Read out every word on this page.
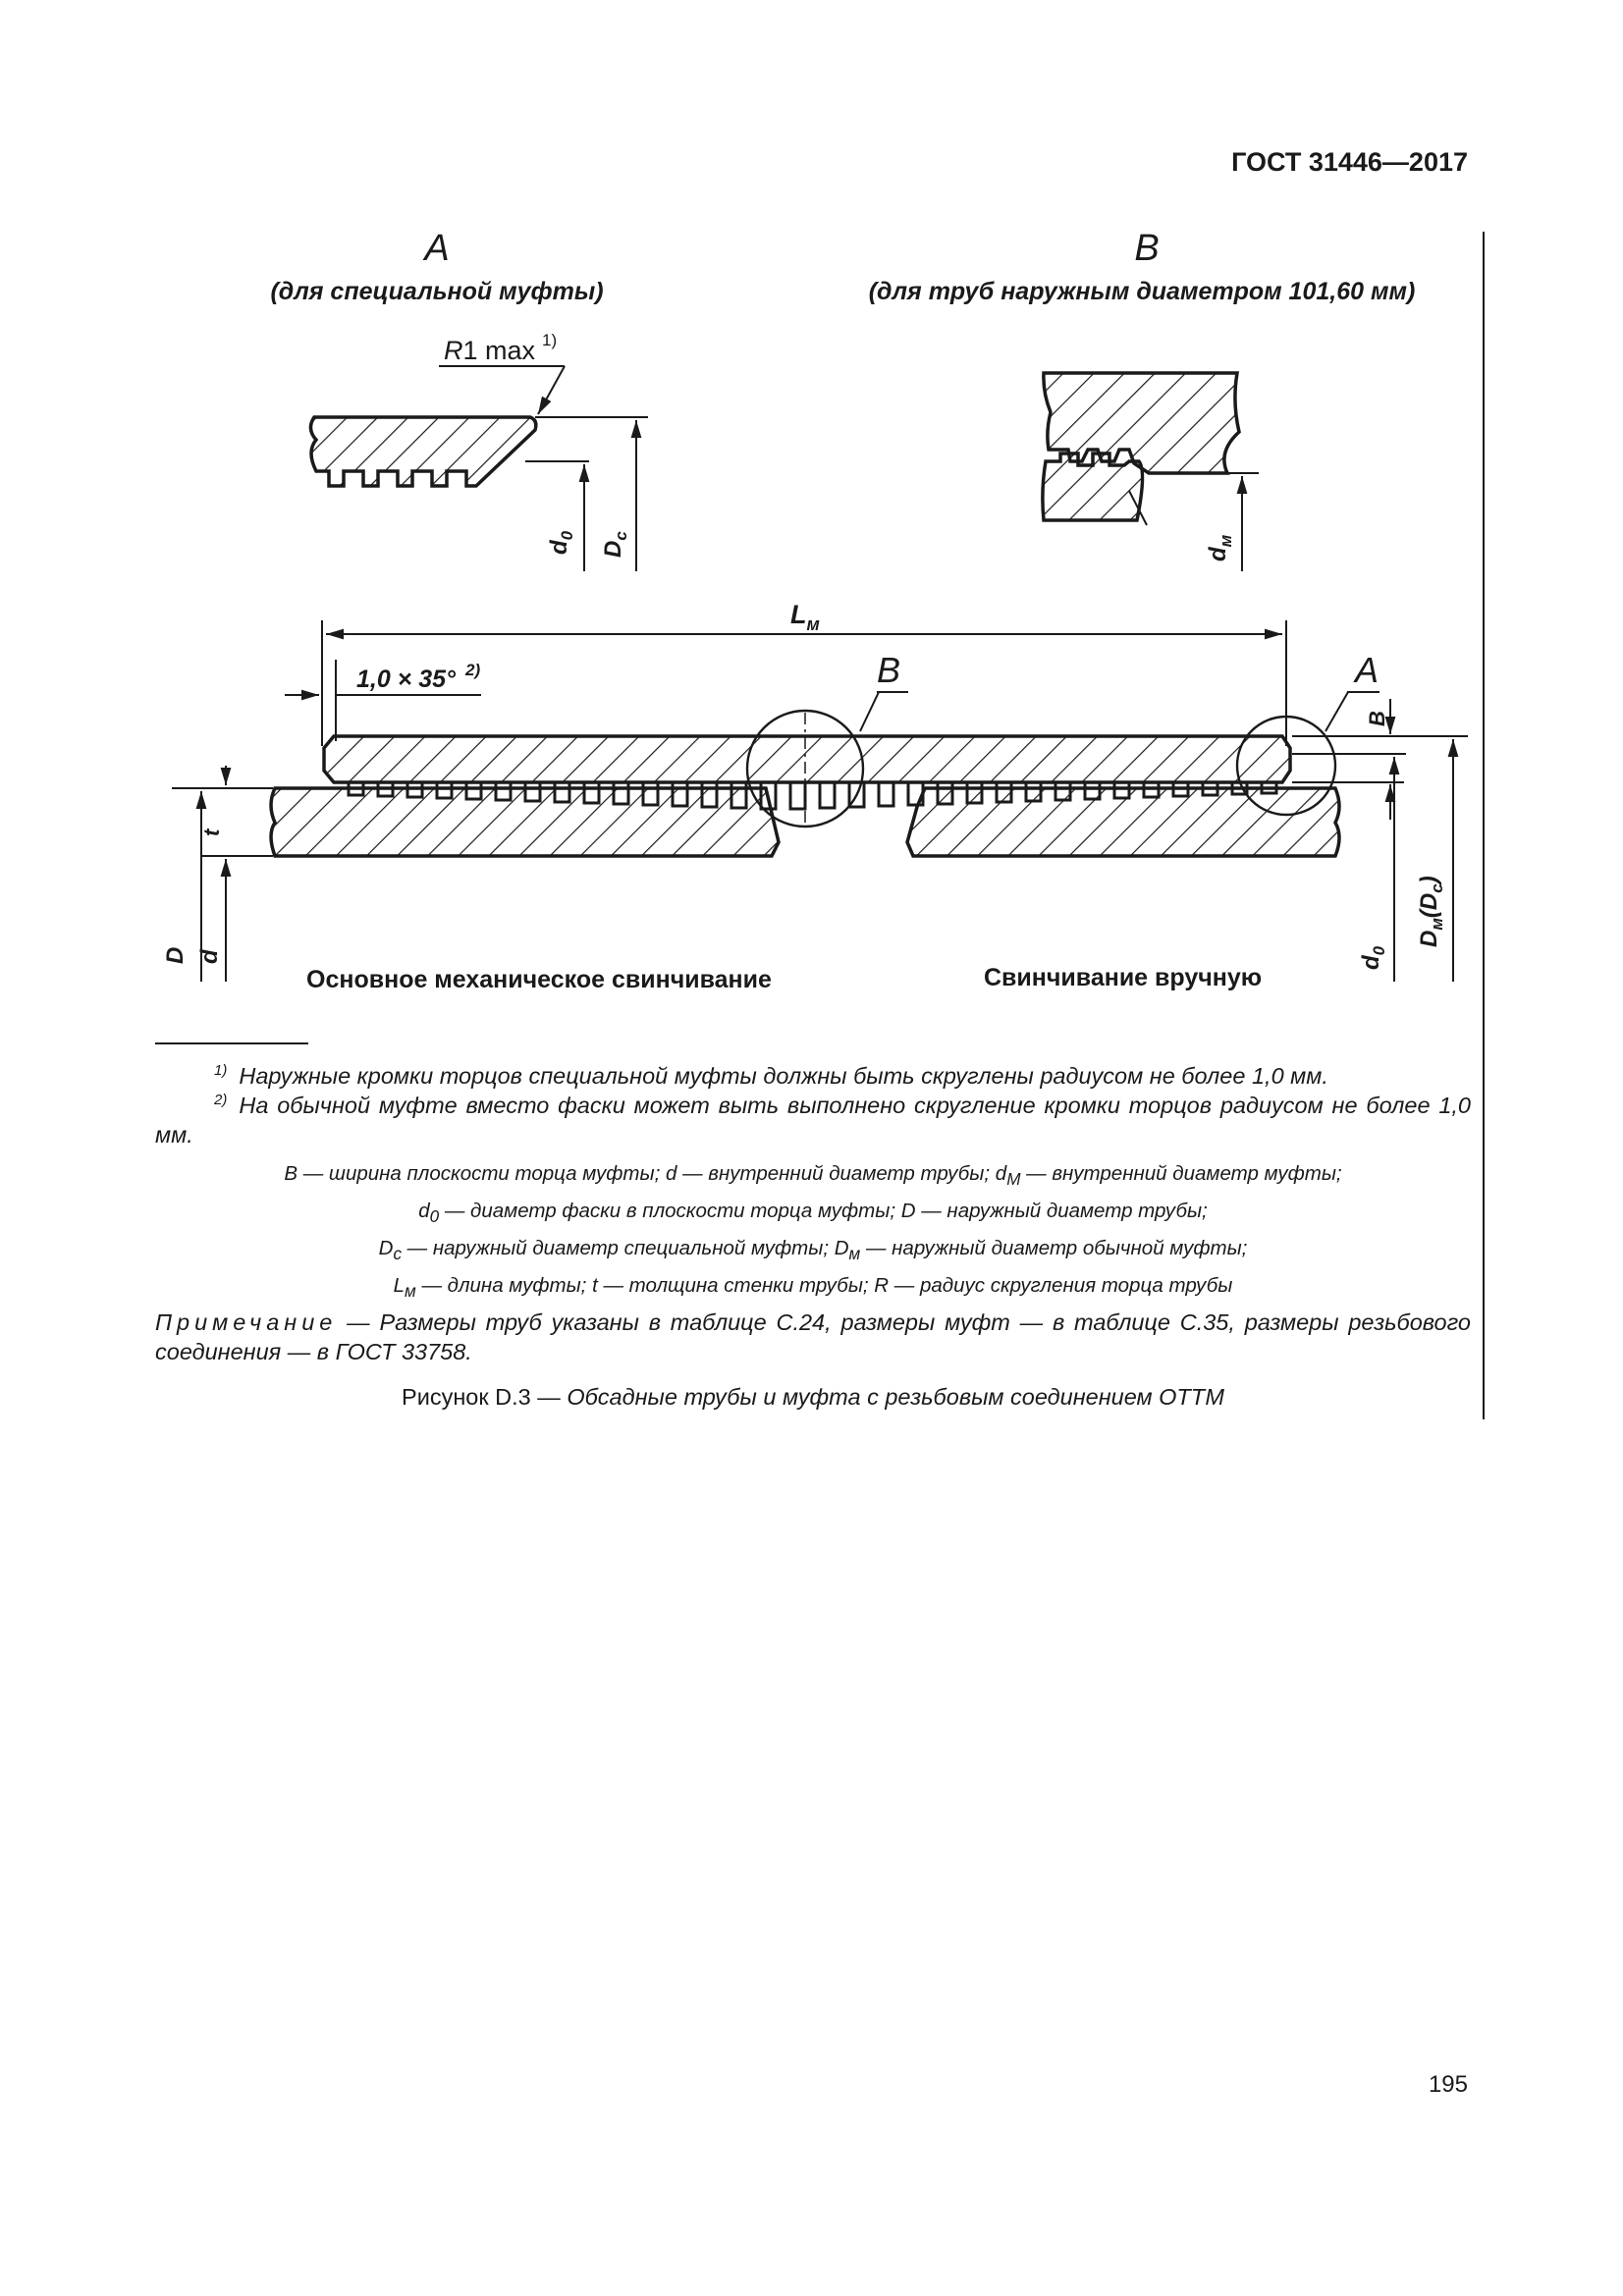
ГОСТ 31446—2017
A
(для специальной муфты)
R1 max 1)
$d_0$
$D_с$
B
(для труб наружным диаметром 101,60 мм)
$d_м$
$L_м$
1,0 × 35° 2)	B	A
B
$d_0$
$D_м(D_с)$
D d
t
Основное механическое свинчивание	Свинчивание вручную
$^{1)}$ Наружные кромки торцов специальной муфты должны быть скруглены радиусом не более 1,0 мм.
$^{2)}$ На обычной муфте вместо фаски может выть выполнено скругление кромки торцов радиусом не более 1,0 мм.
B — ширина плоскости торца муфты; d — внутренний диаметр трубы; $d_М$ — внутренний диаметр муфты;
$d_0$ — диаметр фаски в плоскости торца муфты; D — наружный диаметр трубы;
$D_с$ — наружный диаметр специальной муфты; $D_м$ — наружный диаметр обычной муфты;
$L_м$ — длина муфты; t — толщина стенки трубы; R — радиус скругления торца трубы
Примечание — Размеры труб указаны в таблице С.24, размеры муфт — в таблице С.35, размеры резьбового соединения — в ГОСТ 33758.
Рисунок D.3 — Обсадные трубы и муфта с резьбовым соединением ОТТМ
195
